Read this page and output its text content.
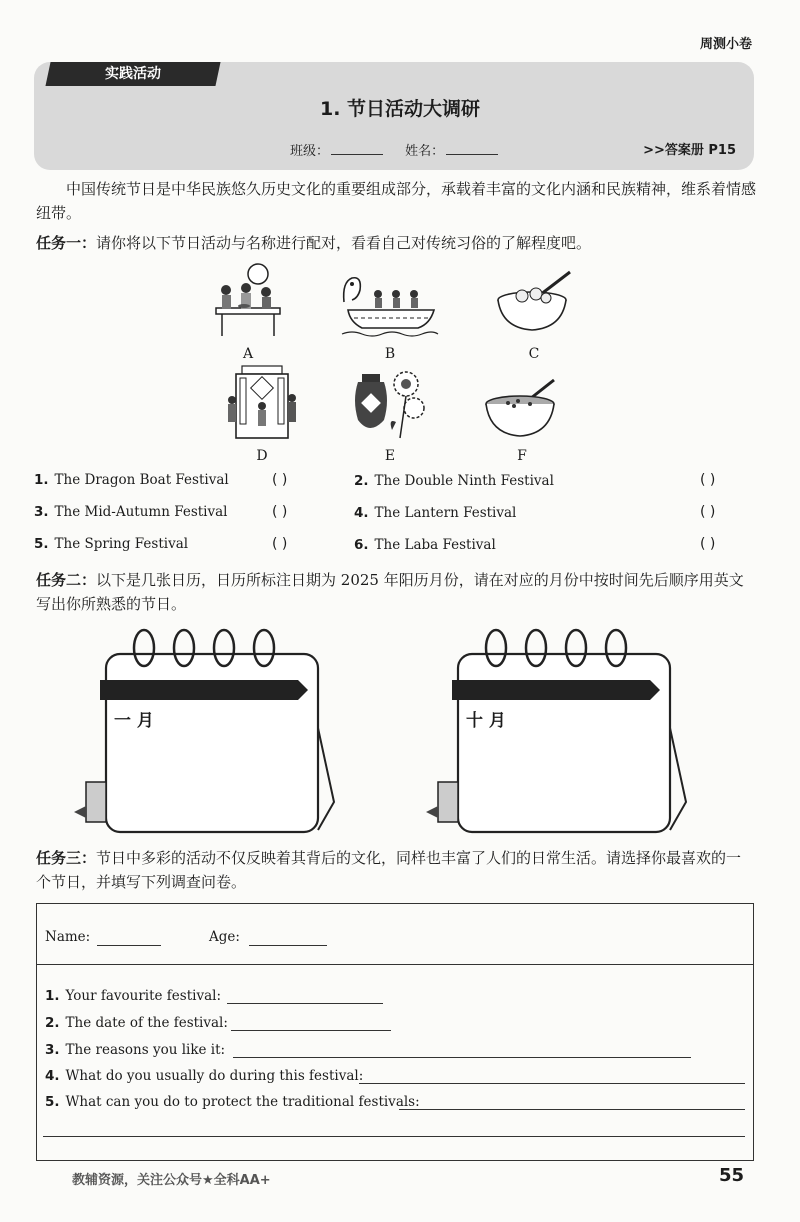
周测小卷
实践活动
1. 节日活动大调研
班级：	姓名：	>>答案册 P15
中国传统节日是中华民族悠久历史文化的重要组成部分，承载着丰富的文化内涵和民族精神，维系着情感纽带。
任务一：请你将以下节日活动与名称进行配对，看看自己对传统习俗的了解程度吧。
A	B	C
D	E	F
1. The Dragon Boat Festival	( )	2. The Double Ninth Festival	( )
3. The Mid-Autumn Festival	( )	4. The Lantern Festival	( )
5. The Spring Festival	( )	6. The Laba Festival	( )
任务二：以下是几张日历，日历所标注日期为 2025 年阳历月份，请在对应的月份中按时间先后顺序用英文写出你所熟悉的节日。
一 月	十 月
任务三：节日中多彩的活动不仅反映着其背后的文化，同样也丰富了人们的日常生活。请选择你最喜欢的一个节日，并填写下列调查问卷。
Name:	Age:
1. Your favourite festival:
2. The date of the festival:
3. The reasons you like it:
4. What do you usually do during this festival:
5. What can you do to protect the traditional festivals:
教辅资源，关注公众号★全科AA+	55
